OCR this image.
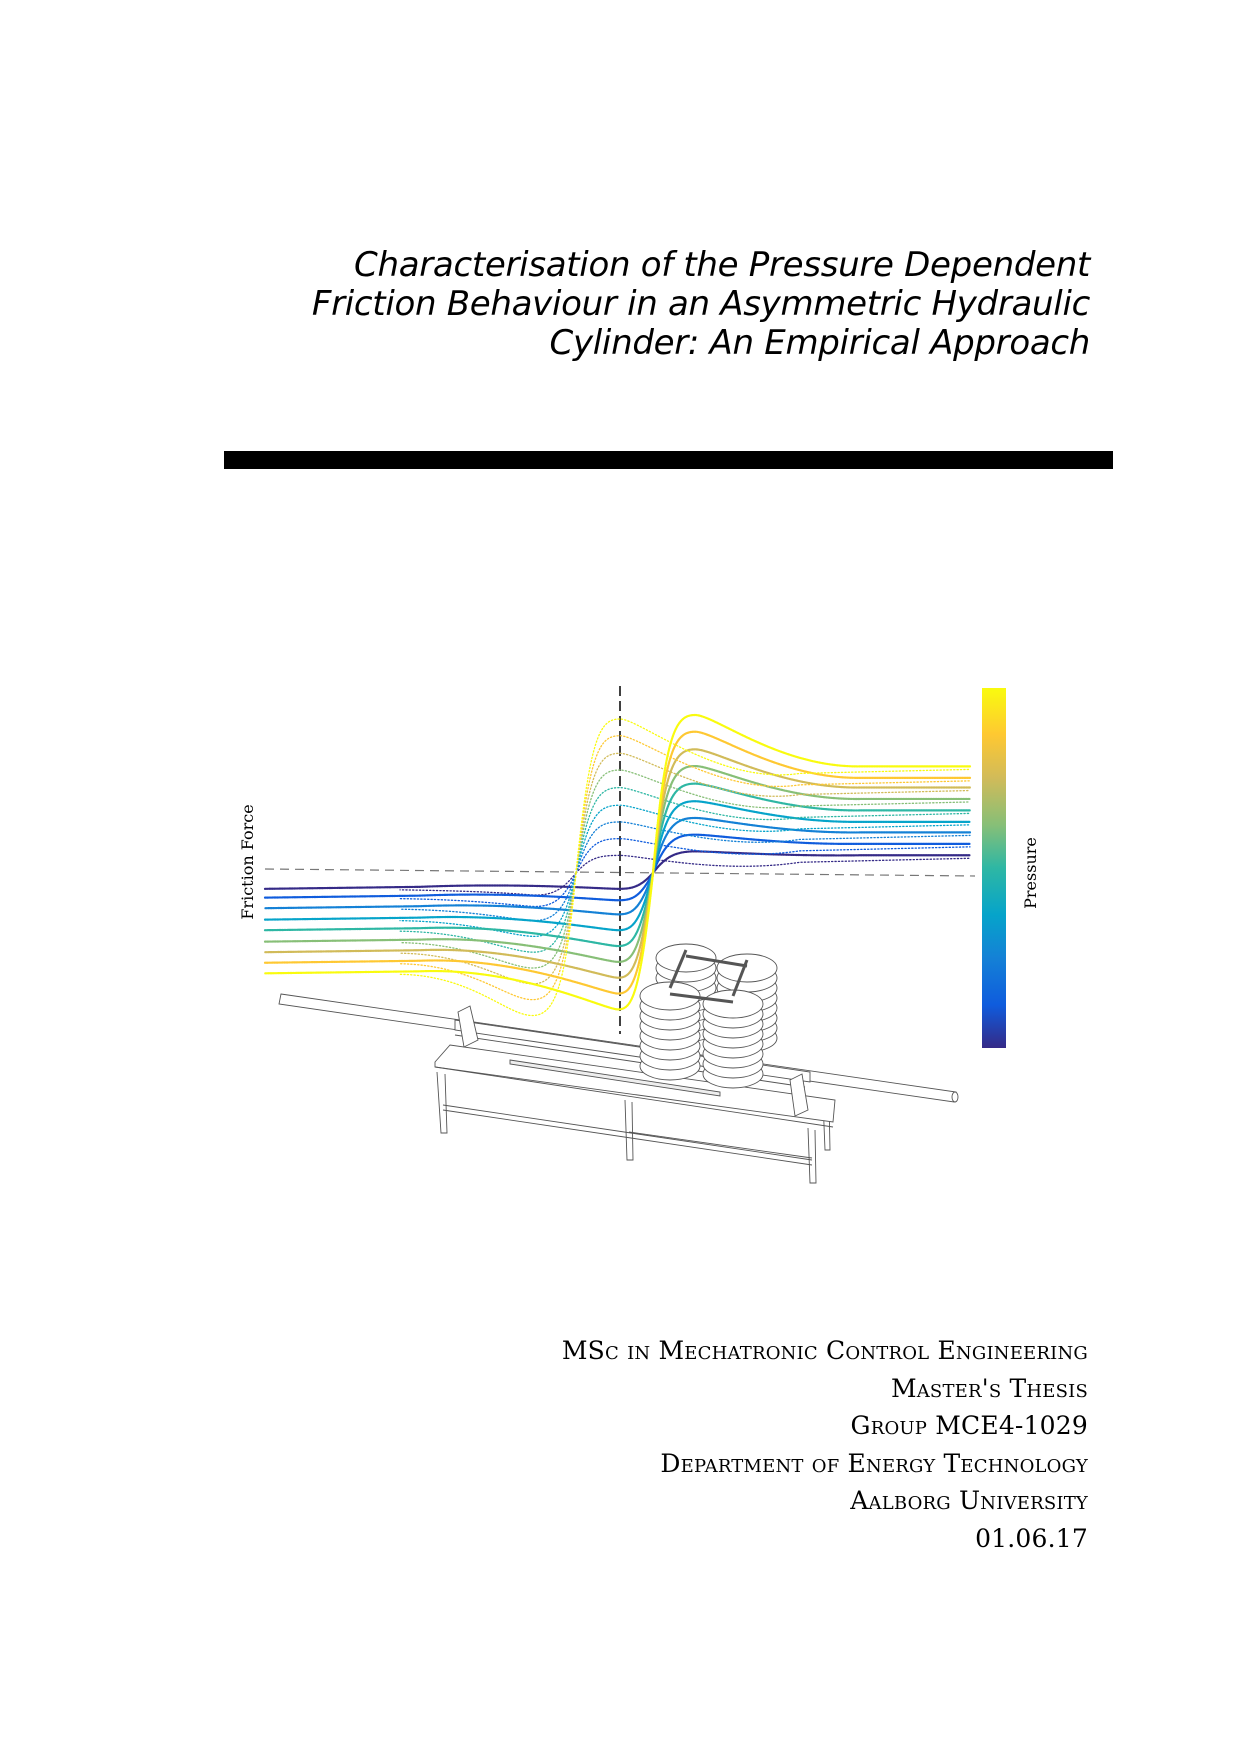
Characterisation of the Pressure Dependent
Friction Behaviour in an Asymmetric Hydraulic
Cylinder: An Empirical Approach
Friction Force	Pressure
MSc in Mechatronic Control Engineering
Master's Thesis
Group MCE4-1029
Department of Energy Technology
Aalborg University
01.06.17
